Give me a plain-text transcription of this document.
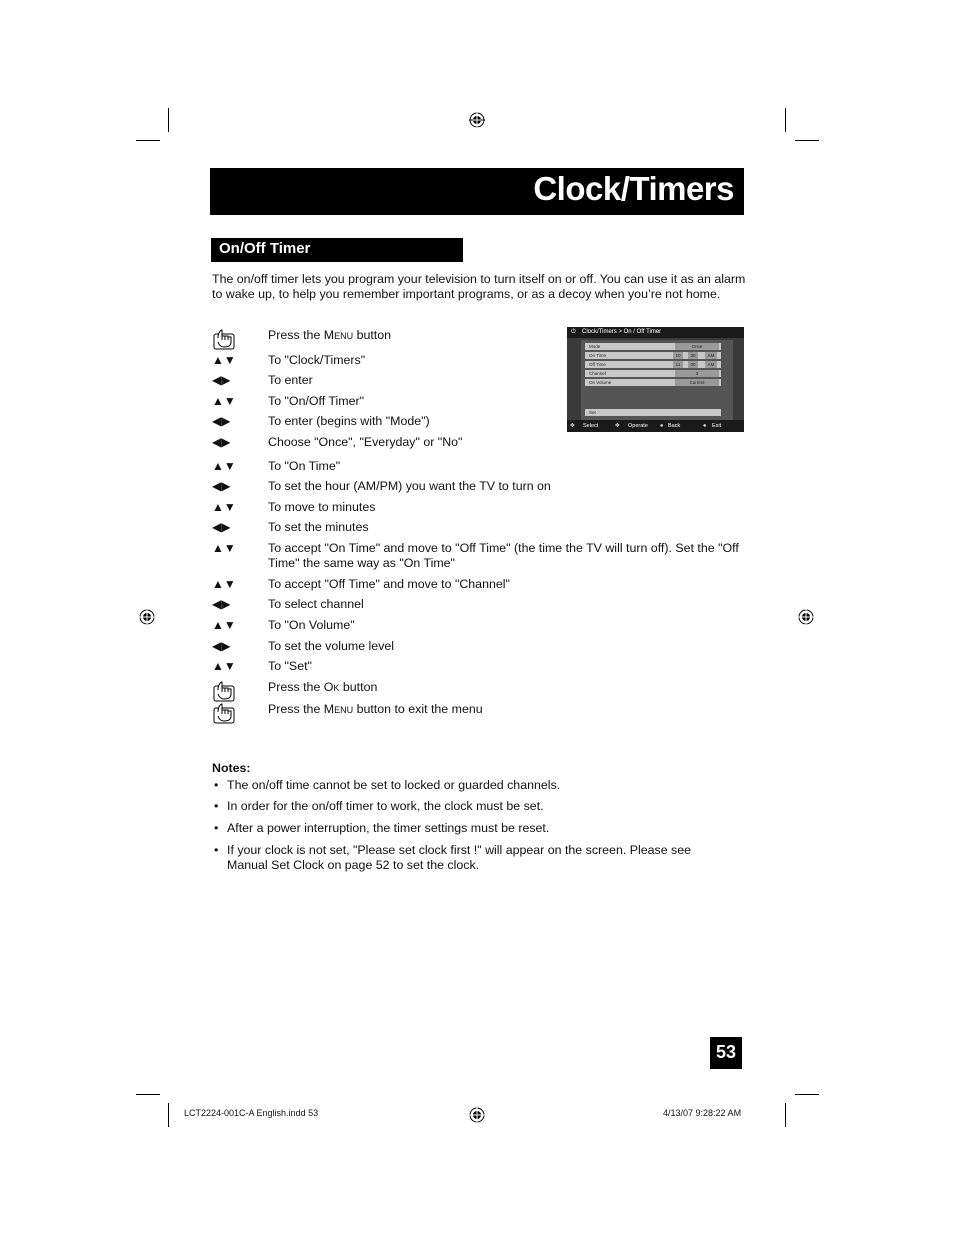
Clock/Timers
On/Off Timer
The on/off timer lets you program your television to turn itself on or off. You can use it as an alarm to wake up, to help you remember important programs, or as a decoy when you’re not home.
Press the Menu button
▲▼	To "Clock/Timers"
◀▶	To enter
▲▼	To "On/Off Timer"
◀▶	To enter (begins with "Mode")
◀▶	Choose "Once", "Everyday" or "No"
▲▼	To "On Time"
◀▶	To set the hour (AM/PM) you want the TV to turn on
▲▼	To move to minutes
◀▶	To set the minutes
▲▼	To accept "On Time" and move to "Off Time" (the time the TV will turn off). Set the "Off Time" the same way as "On Time"
▲▼	To accept "Off Time" and move to "Channel"
◀▶	To select channel
▲▼	To "On Volume"
◀▶	To set the volume level
▲▼	To "Set"
Press the Ok button
Press the Menu button to exit the menu
⏻ Clock/Timers > On / Off Timer
Mode	Once
On Time	10	30	AM
Off Time	11	00	AM
Channel	3
On Volume	Current
Set
✥ Select	✥ Operate ● Back	● Exit
Notes:
• The on/off time cannot be set to locked or guarded channels.
• In order for the on/off timer to work, the clock must be set.
• After a power interruption, the timer settings must be reset.
• If your clock is not set, "Please set clock first !" will appear on the screen. Please see Manual Set Clock on page 52 to set the clock.
53
LCT2224-001C-A English.indd 53	4/13/07 9:28:22 AM
